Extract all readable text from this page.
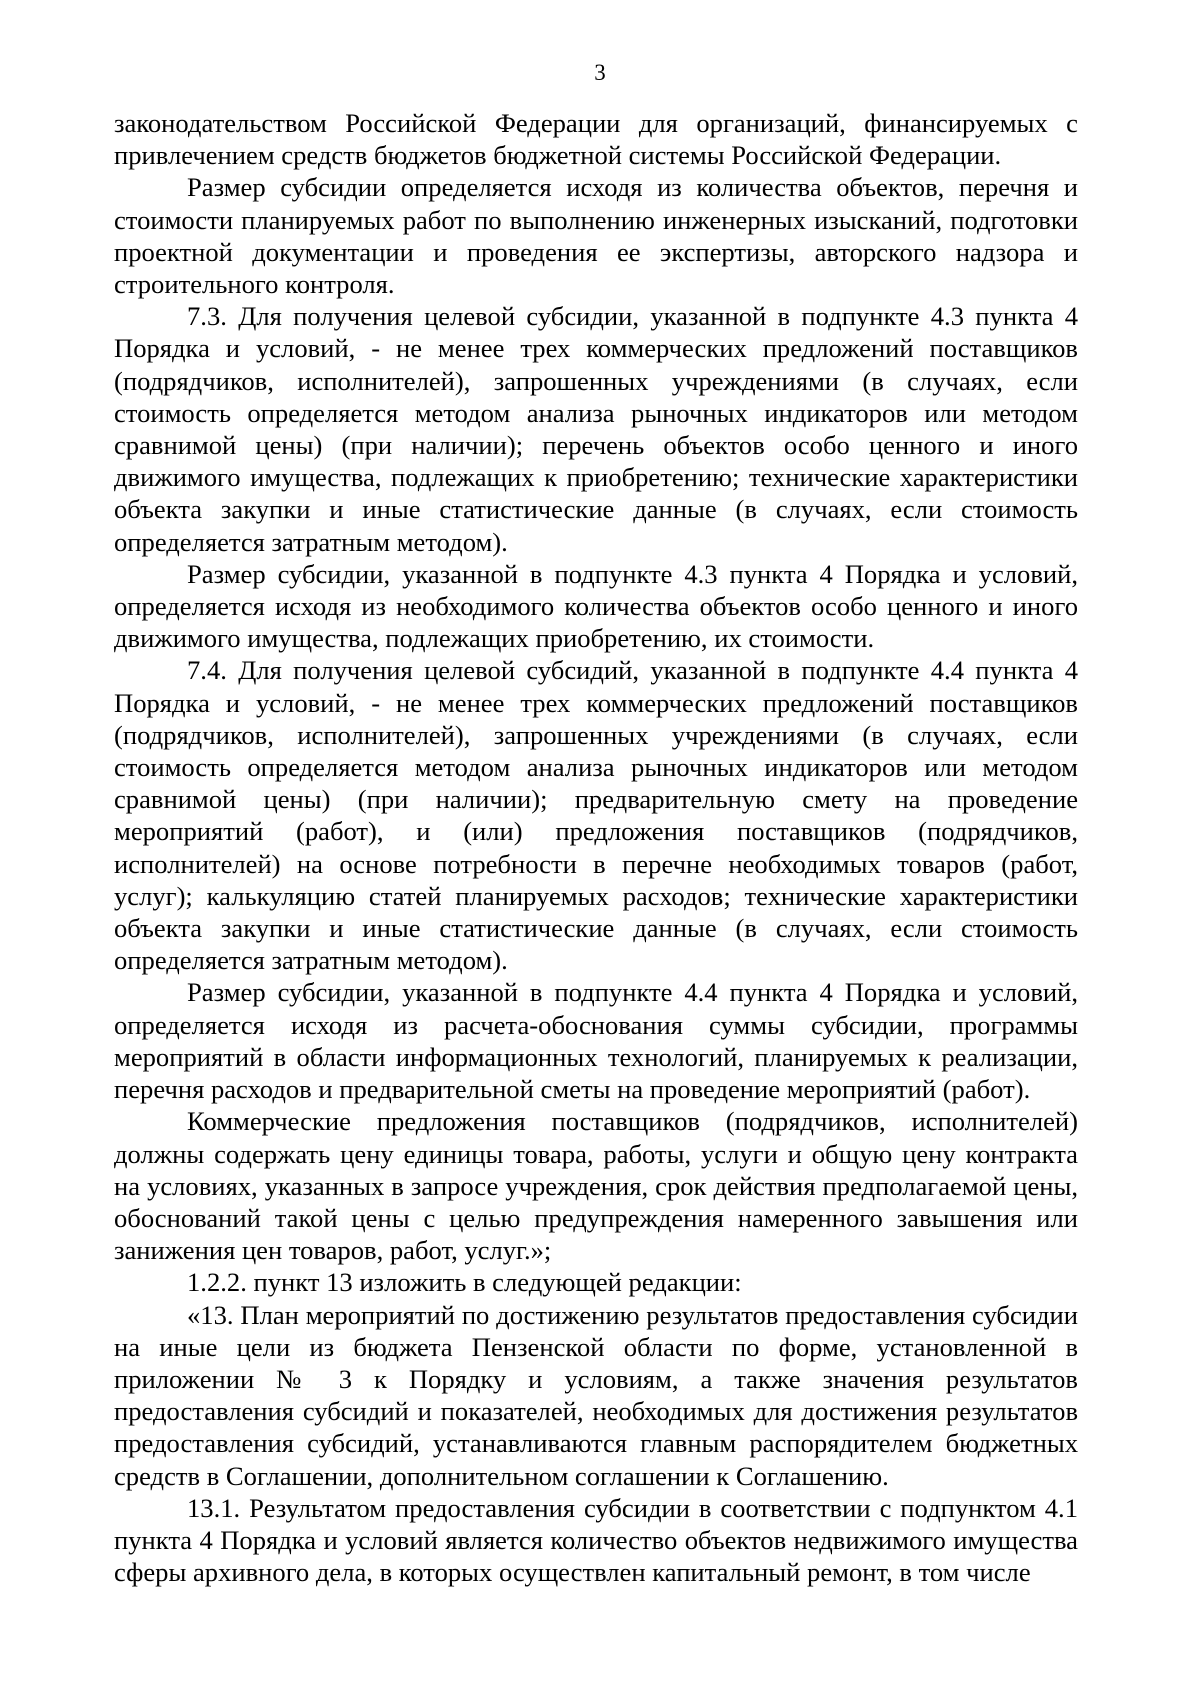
3

законодательством Российской Федерации для организаций, финансируемых с привлечением средств бюджетов бюджетной системы Российской Федерации.

Размер субсидии определяется исходя из количества объектов, перечня и стоимости планируемых работ по выполнению инженерных изысканий, подготовки проектной документации и проведения ее экспертизы, авторского надзора и строительного контроля.

7.3. Для получения целевой субсидии, указанной в подпункте 4.3 пункта 4 Порядка и условий, - не менее трех коммерческих предложений поставщиков (подрядчиков, исполнителей), запрошенных учреждениями (в случаях, если стоимость определяется методом анализа рыночных индикаторов или методом сравнимой цены) (при наличии); перечень объектов особо ценного и иного движимого имущества, подлежащих к приобретению; технические характеристики объекта закупки и иные статистические данные (в случаях, если стоимость определяется затратным методом).

Размер субсидии, указанной в подпункте 4.3 пункта 4 Порядка и условий, определяется исходя из необходимого количества объектов особо ценного и иного движимого имущества, подлежащих приобретению, их стоимости.

7.4. Для получения целевой субсидий, указанной в подпункте 4.4 пункта 4 Порядка и условий, - не менее трех коммерческих предложений поставщиков (подрядчиков, исполнителей), запрошенных учреждениями (в случаях, если стоимость определяется методом анализа рыночных индикаторов или методом сравнимой цены) (при наличии); предварительную смету на проведение мероприятий (работ), и (или) предложения поставщиков (подрядчиков, исполнителей) на основе потребности в перечне необходимых товаров (работ, услуг); калькуляцию статей планируемых расходов; технические характеристики объекта закупки и иные статистические данные (в случаях, если стоимость определяется затратным методом).

Размер субсидии, указанной в подпункте 4.4 пункта 4 Порядка и условий, определяется исходя из расчета-обоснования суммы субсидии, программы мероприятий в области информационных технологий, планируемых к реализации, перечня расходов и предварительной сметы на проведение мероприятий (работ).

Коммерческие предложения поставщиков (подрядчиков, исполнителей) должны содержать цену единицы товара, работы, услуги и общую цену контракта на условиях, указанных в запросе учреждения, срок действия предполагаемой цены, обоснований такой цены с целью предупреждения намеренного завышения или занижения цен товаров, работ, услуг.»;

1.2.2. пункт 13 изложить в следующей редакции:

«13. План мероприятий по достижению результатов предоставления субсидии на иные цели из бюджета Пензенской области по форме, установленной в приложении № 3 к Порядку и условиям, а также значения результатов предоставления субсидий и показателей, необходимых для достижения результатов предоставления субсидий, устанавливаются главным распорядителем бюджетных средств в Соглашении, дополнительном соглашении к Соглашению.

13.1. Результатом предоставления субсидии в соответствии с подпунктом 4.1 пункта 4 Порядка и условий является количество объектов недвижимого имущества сферы архивного дела, в которых осуществлен капитальный ремонт, в том числе
